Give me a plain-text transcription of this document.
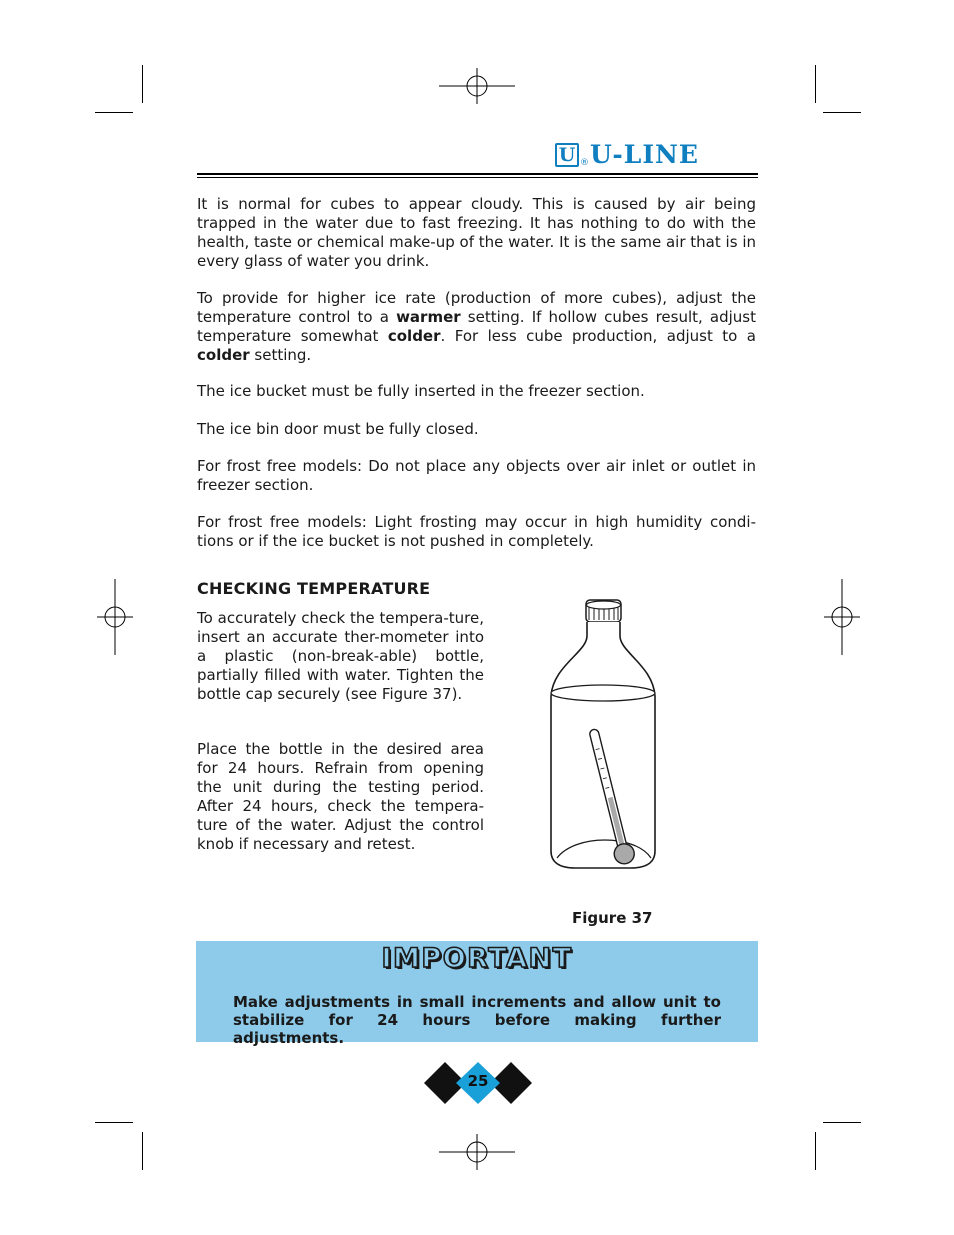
U ® U-LINE

It is normal for cubes to appear cloudy. This is caused by air being trapped in the water due to fast freezing. It has nothing to do with the health, taste or chemical make-up of the water. It is the same air that is in every glass of water you drink.

To provide for higher ice rate (production of more cubes), adjust the temperature control to a warmer setting. If hollow cubes result, adjust temperature somewhat colder. For less cube production, adjust to a colder setting.

The ice bucket must be fully inserted in the freezer section.

The ice bin door must be fully closed.

For frost free models: Do not place any objects over air inlet or outlet in freezer section.

For frost free models: Light frosting may occur in high humidity condi-tions or if the ice bucket is not pushed in completely.

CHECKING TEMPERATURE

To accurately check the tempera-ture, insert an accurate ther-mometer into a plastic (non-break-able) bottle, partially filled with water. Tighten the bottle cap securely (see Figure 37).

Place the bottle in the desired area for 24 hours. Refrain from opening the unit during the testing period. After 24 hours, check the tempera-ture of the water. Adjust the control knob if necessary and retest.

Figure 37
IMPORTANT
Make adjustments in small increments and allow unit to stabilize for 24 hours before making further adjustments.
25
